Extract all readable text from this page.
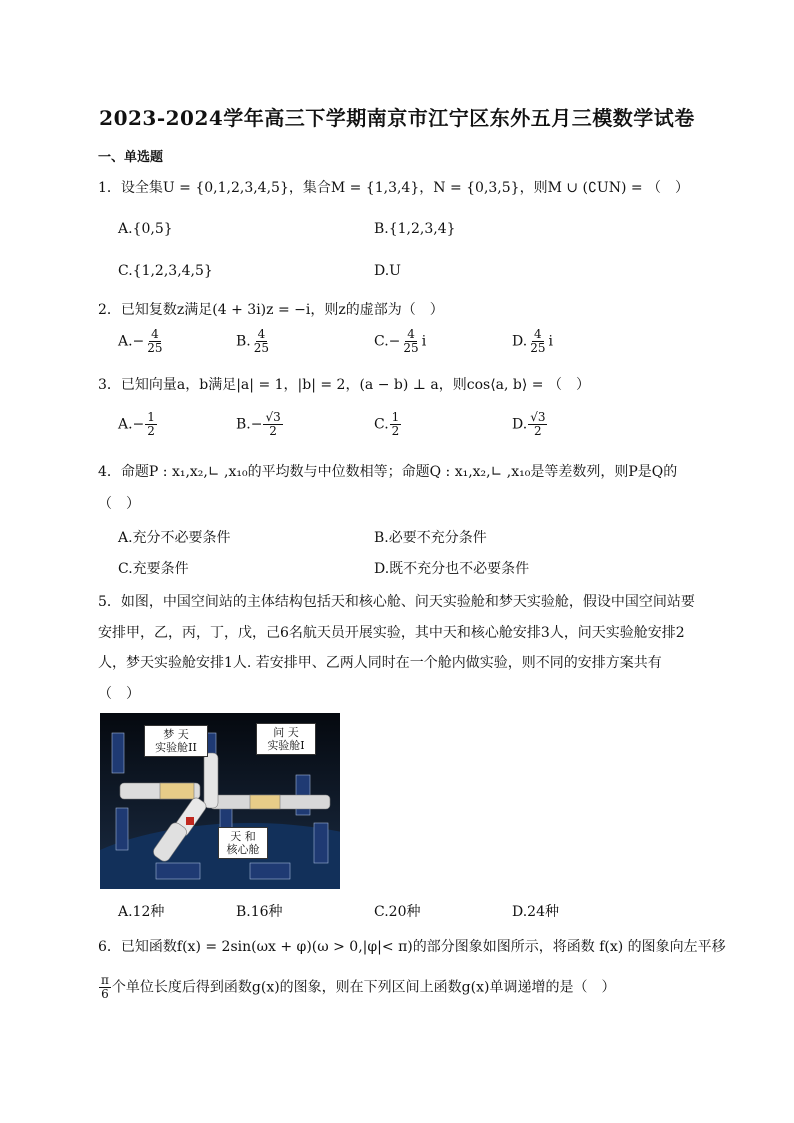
2023-2024学年高三下学期南京市江宁区东外五月三模数学试卷
一、单选题
1．设全集U = {0,1,2,3,4,5}，集合M = {1,3,4}，N = {0,3,5}，则M ∪ (∁UN) = （　）
A.{0,5}	B.{1,2,3,4}
C.{1,2,3,4,5}	D.U
2．已知复数z满足(4 + 3i)z = −i，则z的虚部为（　）
$A.- \frac{4}{25}$	B. $\frac{4}{25}$	$C.- \frac{4}{25}$ i	D. $\frac{4}{25}$ i
3．已知向量a，b满足|a| = 1，|b| = 2，(a − b) ⊥ a，则cos⟨a, b⟩ = （　）
$A.- \frac{1}{2}$	$B.- \frac{√3}{2}$	C. $\frac{1}{2}$	D. $\frac{√3}{2}$
4．命题P : x₁,x₂,∟ ,x₁₀的平均数与中位数相等；命题Q : x₁,x₂,∟ ,x₁₀是等差数列，则P是Q的
（　）
A.充分不必要条件	B.必要不充分条件
C.充要条件	D.既不充分也不必要条件
5．如图，中国空间站的主体结构包括天和核心舱、问天实验舱和梦天实验舱，假设中国空间站要
安排甲，乙，丙，丁，戊，己6名航天员开展实验，其中天和核心舱安排3人，问天实验舱安排2
人，梦天实验舱安排1人. 若安排甲、乙两人同时在一个舱内做实验，则不同的安排方案共有
（　）
梦 天
实验舱II
问 天
实验舱I
天 和
核心舱
A.12种	B.16种	C.20种	D.24种
6．已知函数f(x) = 2sin(ωx + φ)(ω > 0,|φ|< π)的部分图象如图所示，将函数 f(x) 的图象向左平移
$\frac{\pi}{6}$ 个单位长度后得到函数g(x)的图象，则在下列区间上函数g(x)单调递增的是（　）
